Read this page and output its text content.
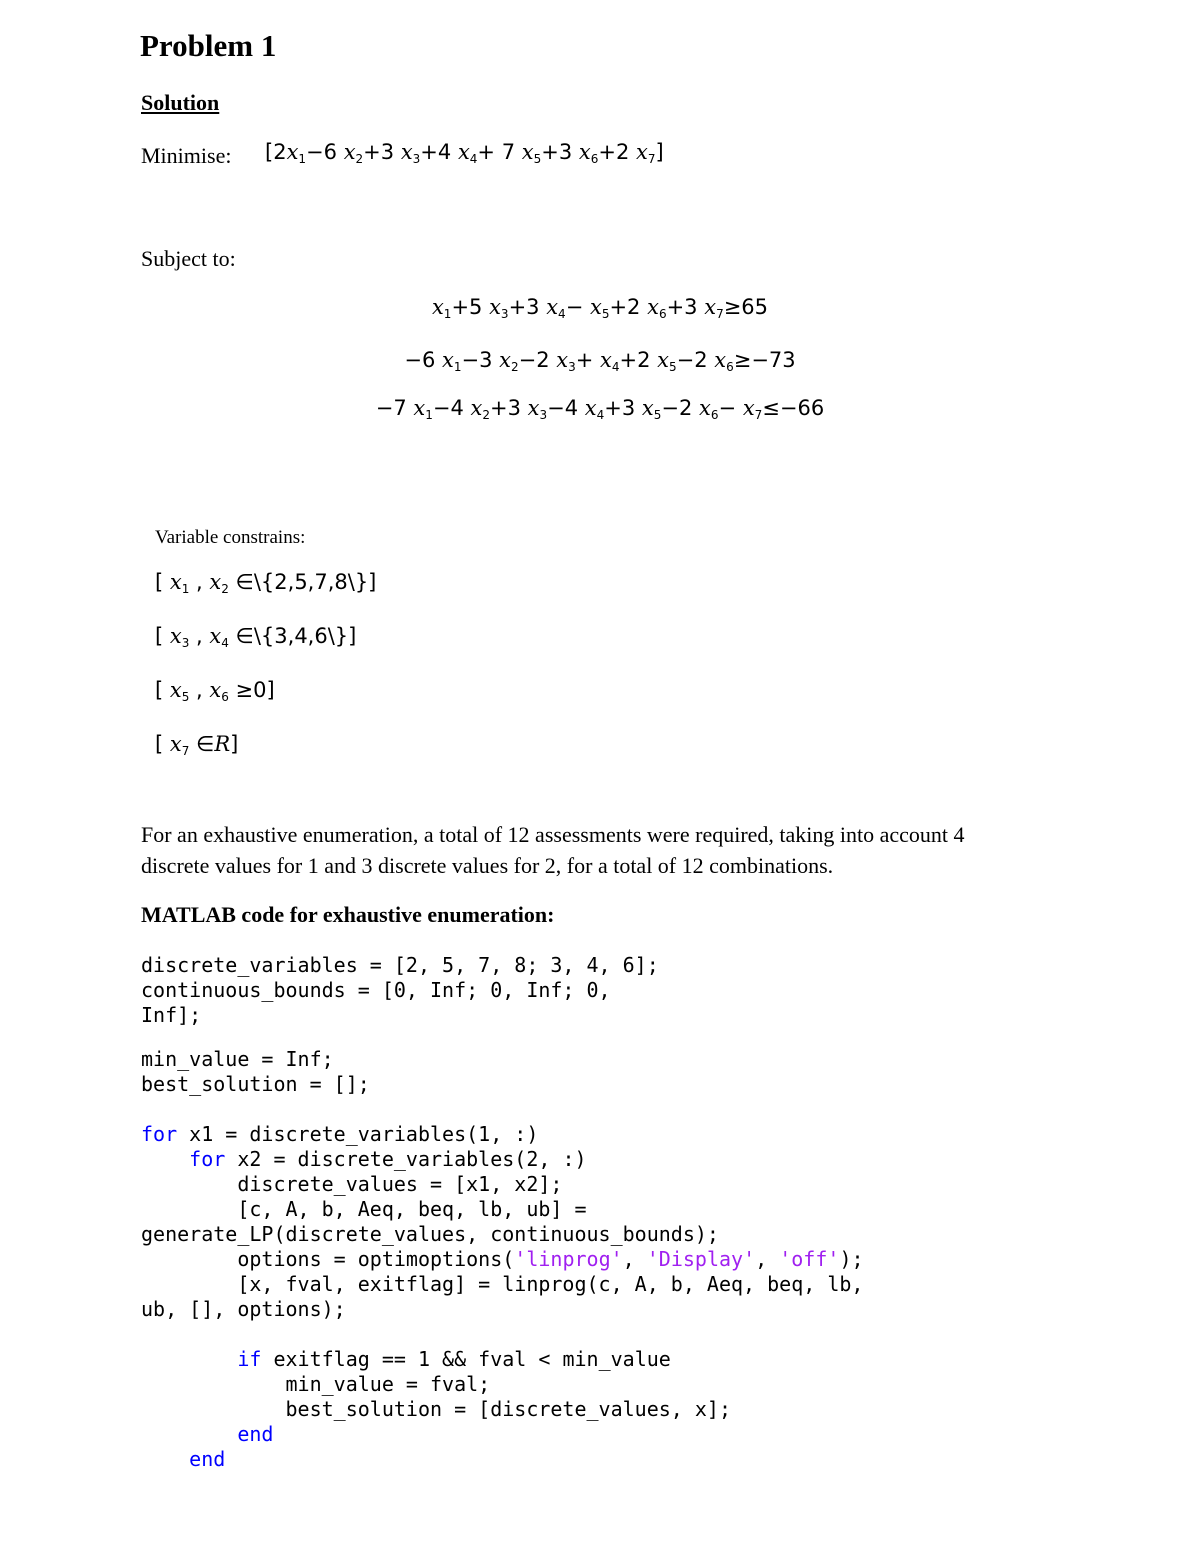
Problem 1
Solution
Minimise: [$2x_1-6$ $x_2+3$ $x_3+4$ $x_4+ 7$ $x_5+3$ $x_6+2$ $x_7$]
Subject to:
$x_1+5$ $x_3+3$ $x_4- x_5+2$ $x_6+3$ $x_7\ge 65$
−6 $x_1-3$ $x_2-2$ $x_3+ x_4+2$ $x_5-2$ $x_6\ge-73$
−7 $x_1-4$ $x_2+3$ $x_3-4$ $x_4+3$ $x_5-2$ $x_6- x_7\le-66$
Variable constrains:
[ $x_1$ , $x_2$ ∈\{2,5,7,8\}]
[ $x_3$ , $x_4$ ∈\{3,4,6\}]
[ $x_5$ , $x_6 \ge 0$]
[ $x_7$ ∈R]
For an exhaustive enumeration, a total of 12 assessments were required, taking into account 4 discrete values for 1 and 3 discrete values for 2, for a total of 12 combinations.
MATLAB code for exhaustive enumeration:
discrete_variables = [2, 5, 7, 8; 3, 4, 6];
continuous_bounds = [0, Inf; 0, Inf; 0,
Inf];
min_value = Inf;
best_solution = [];
for x1 = discrete_variables(1, :)
for x2 = discrete_variables(2, :)
discrete_values = [x1, x2];
[c, A, b, Aeq, beq, lb, ub] =
generate_LP(discrete_values, continuous_bounds);
options = optimoptions('linprog', 'Display', 'off');
[x, fval, exitflag] = linprog(c, A, b, Aeq, beq, lb,
ub, [], options);

if exitflag == 1 && fval < min_value
min_value = fval;
best_solution = [discrete_values, x];
end
end
